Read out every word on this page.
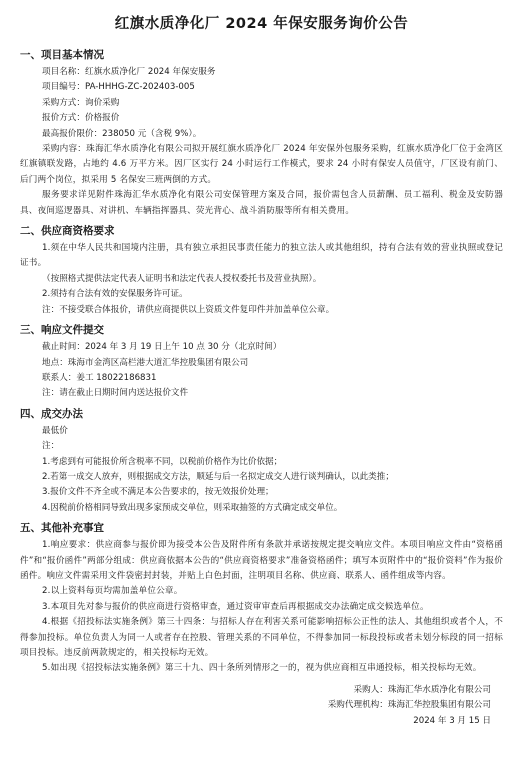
红旗水质净化厂 2024 年保安服务询价公告
一、项目基本情况
项目名称：红旗水质净化厂 2024 年保安服务
项目编号：PA-HHHG-ZC-202403-005
采购方式：询价采购
报价方式：价格报价
最高报价限价：238050 元（含税 9%）。
采购内容：珠海汇华水质净化有限公司拟开展红旗水质净化厂 2024 年安保外包服务采购，红旗水质净化厂位于金湾区红旗镇联发路，占地约 4.6 万平方米。因厂区实行 24 小时运行工作模式，要求 24 小时有保安人员值守，厂区设有前门、后门两个岗位，拟采用 5 名保安三班两倒的方式。
服务要求详见附件珠海汇华水质净化有限公司安保管理方案及合同，报价需包含人员薪酬、员工福利、税金及安防器具、夜间巡逻器具、对讲机、车辆指挥器具、荧光背心、战斗消防服等所有相关费用。
二、供应商资格要求
1.须在中华人民共和国境内注册，具有独立承担民事责任能力的独立法人或其他组织，持有合法有效的营业执照或登记证书。
（按照格式提供法定代表人证明书和法定代表人授权委托书及营业执照）。
2.须持有合法有效的安保服务许可证。
注：不接受联合体报价，请供应商提供以上资质文件复印件并加盖单位公章。
三、响应文件提交
截止时间：2024 年 3 月 19 日上午 10 点 30 分（北京时间）
地点：珠海市金湾区高栏港大道汇华控股集团有限公司
联系人：姜工 18022186831
注：请在截止日期时间内送达报价文件
四、成交办法
最低价
注：
1.考虑到有可能报价所含税率不同，以税前价格作为比价依据；
2.若第一成交人放弃，则根据成交方法，顺延与后一名拟定成交人进行谈判确认，以此类推；
3.报价文件不齐全或不满足本公告要求的，按无效报价处理；
4.因税前价格相同导致出现多家预成交单位，则采取抽签的方式确定成交单位。
五、其他补充事宜
1.响应要求：供应商参与报价即为接受本公告及附件所有条款并承诺按规定提交响应文件。本项目响应文件由“资格函件”和“报价函件”两部分组成：供应商依据本公告的“供应商资格要求”准备资格函件；填写本页附件中的“报价资料”作为报价函件。响应文件需采用文件袋密封封装，并贴上白色封面，注明项目名称、供应商、联系人、函件组成等内容。
2.以上资料每页均需加盖单位公章。
3.本项目先对参与报价的供应商进行资格审查，通过资审审查后再根据成交办法确定成交候选单位。
4.根据《招投标法实施条例》第三十四条：与招标人存在利害关系可能影响招标公正性的法人、其他组织或者个人，不得参加投标。单位负责人为同一人或者存在控股、管理关系的不同单位，不得参加同一标段投标或者未划分标段的同一招标项目投标。违反前两款规定的，相关投标均无效。
5.如出现《招投标法实施条例》第三十九、四十条所列情形之一的，视为供应商相互串通投标，相关投标均无效。
采购人：珠海汇华水质净化有限公司
采购代理机构：珠海汇华控股集团有限公司
2024 年 3 月 15 日
